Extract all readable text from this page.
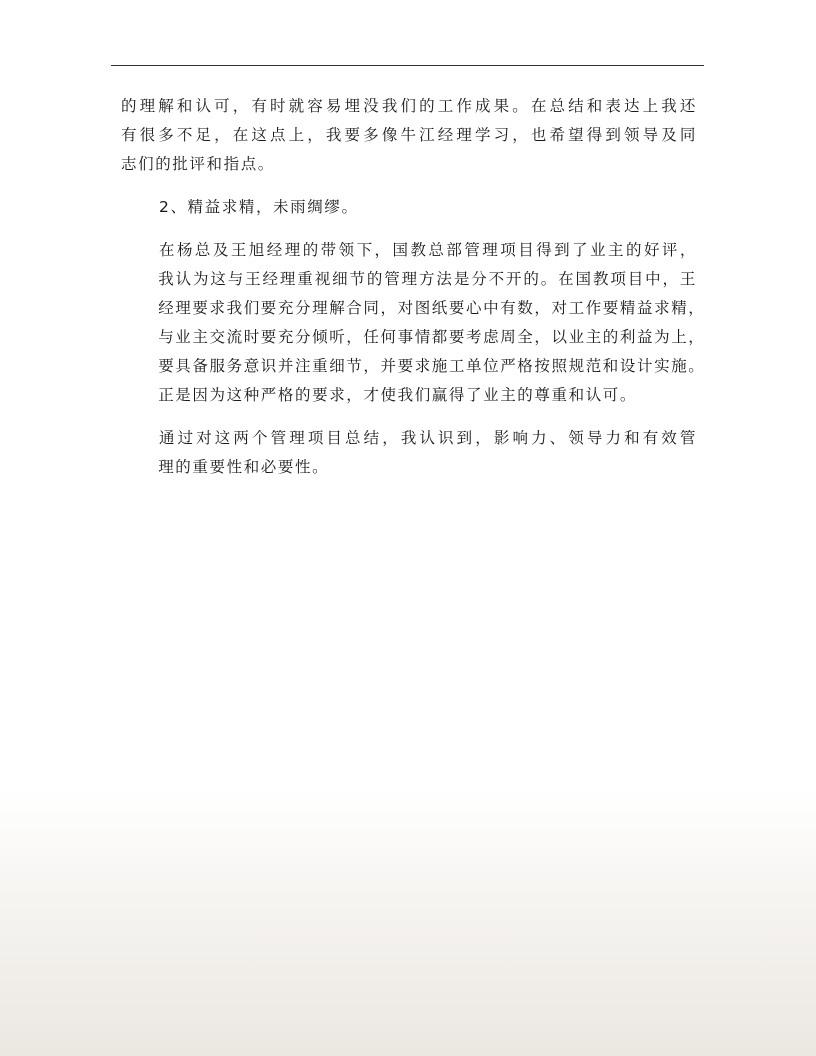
的理解和认可，有时就容易埋没我们的工作成果。在总结和表达上我还
有很多不足，在这点上，我要多像牛江经理学习，也希望得到领导及同
志们的批评和指点。

2、精益求精，未雨绸缪。

在杨总及王旭经理的带领下，国教总部管理项目得到了业主的好评，
我认为这与王经理重视细节的管理方法是分不开的。在国教项目中，王
经理要求我们要充分理解合同，对图纸要心中有数，对工作要精益求精，
与业主交流时要充分倾听，任何事情都要考虑周全，以业主的利益为上，
要具备服务意识并注重细节，并要求施工单位严格按照规范和设计实施。
正是因为这种严格的要求，才使我们赢得了业主的尊重和认可。

通过对这两个管理项目总结，我认识到，影响力、领导力和有效管
理的重要性和必要性。
